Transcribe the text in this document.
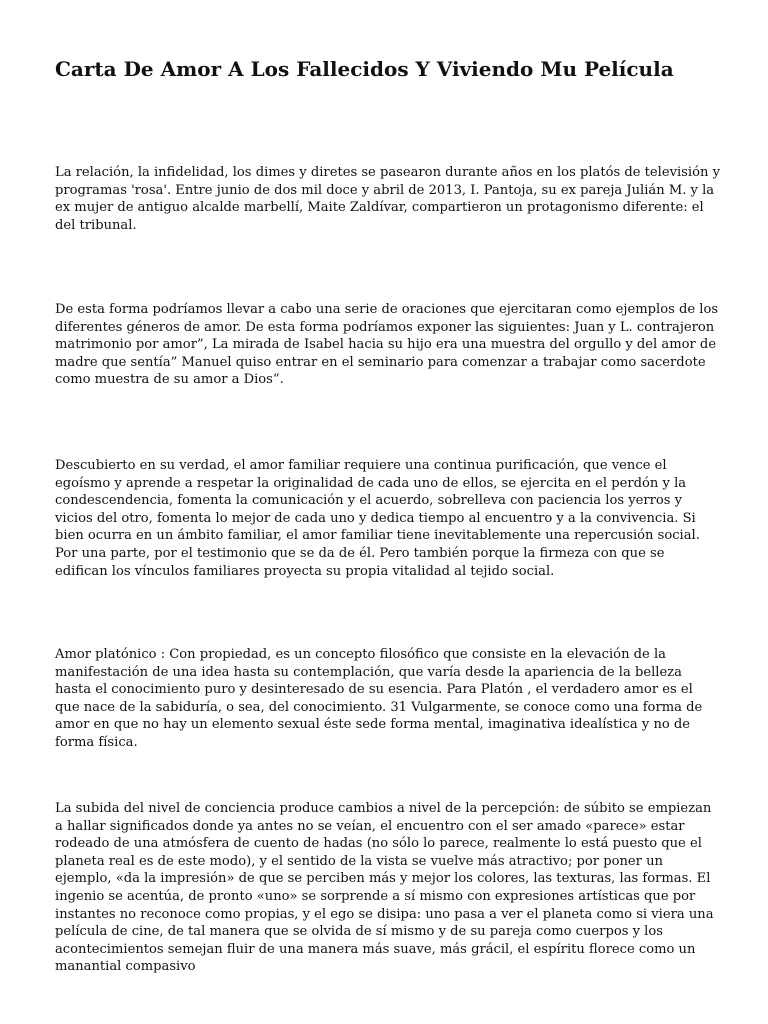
Carta De Amor A Los Fallecidos Y Viviendo Mu Película

La relación, la infidelidad, los dimes y diretes se pasearon durante años en los platós de televisión y programas 'rosa'. Entre junio de dos mil doce y abril de 2013, I. Pantoja, su ex pareja Julián M. y la ex mujer de antiguo alcalde marbellí, Maite Zaldívar, compartieron un protagonismo diferente: el del tribunal.

De esta forma podríamos llevar a cabo una serie de oraciones que ejercitaran como ejemplos de los diferentes géneros de amor. De esta forma podríamos exponer las siguientes: Juan y L. contrajeron matrimonio por amor”, La mirada de Isabel hacia su hijo era una muestra del orgullo y del amor de madre que sentía” Manuel quiso entrar en el seminario para comenzar a trabajar como sacerdote como muestra de su amor a Dios”.

Descubierto en su verdad, el amor familiar requiere una continua purificación, que vence el egoísmo y aprende a respetar la originalidad de cada uno de ellos, se ejercita en el perdón y la condescendencia, fomenta la comunicación y el acuerdo, sobrelleva con paciencia los yerros y vicios del otro, fomenta lo mejor de cada uno y dedica tiempo al encuentro y a la convivencia. Si bien ocurra en un ámbito familiar, el amor familiar tiene inevitablemente una repercusión social. Por una parte, por el testimonio que se da de él. Pero también porque la firmeza con que se edifican los vínculos familiares proyecta su propia vitalidad al tejido social.

Amor platónico : Con propiedad, es un concepto filosófico que consiste en la elevación de la manifestación de una idea hasta su contemplación, que varía desde la apariencia de la belleza hasta el conocimiento puro y desinteresado de su esencia. Para Platón , el verdadero amor es el que nace de la sabiduría, o sea, del conocimiento. 31 Vulgarmente, se conoce como una forma de amor en que no hay un elemento sexual éste sede forma mental, imaginativa idealística y no de forma física.

La subida del nivel de conciencia produce cambios a nivel de la percepción: de súbito se empiezan a hallar significados donde ya antes no se veían, el encuentro con el ser amado «parece» estar rodeado de una atmósfera de cuento de hadas (no sólo lo parece, realmente lo está puesto que el planeta real es de este modo), y el sentido de la vista se vuelve más atractivo; por poner un ejemplo, «da la impresión» de que se perciben más y mejor los colores, las texturas, las formas. El ingenio se acentúa, de pronto «uno» se sorprende a sí mismo con expresiones artísticas que por instantes no reconoce como propias, y el ego se disipa: uno pasa a ver el planeta como si viera una película de cine, de tal manera que se olvida de sí mismo y de su pareja como cuerpos y los acontecimientos semejan fluir de una manera más suave, más grácil, el espíritu florece como un manantial compasivo
